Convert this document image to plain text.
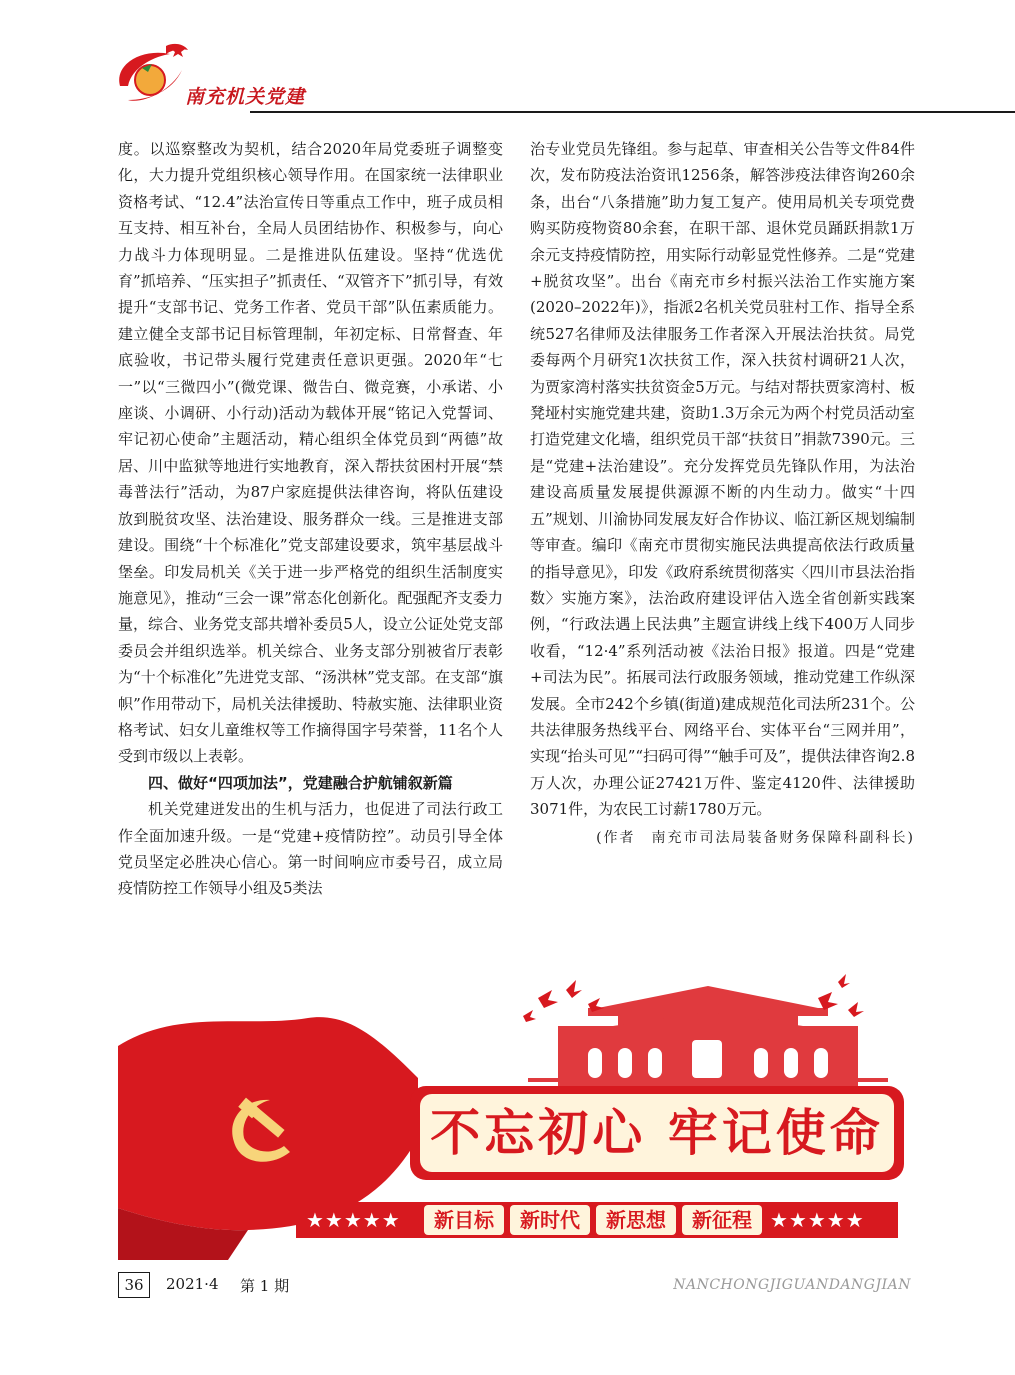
南充机关党建

度。以巡察整改为契机，结合2020年局党委班子调整变化，大力提升党组织核心领导作用。在国家统一法律职业资格考试、“12.4”法治宣传日等重点工作中，班子成员相互支持、相互补台，全局人员团结协作、积极参与，向心力战斗力体现明显。二是推进队伍建设。坚持“优选优育”抓培养、“压实担子”抓责任、“双管齐下”抓引导，有效提升“支部书记、党务工作者、党员干部”队伍素质能力。建立健全支部书记目标管理制，年初定标、日常督查、年底验收，书记带头履行党建责任意识更强。2020年“七一”以“三微四小”(微党课、微告白、微竞赛，小承诺、小座谈、小调研、小行动)活动为载体开展“铭记入党誓词、牢记初心使命”主题活动，精心组织全体党员到“两德”故居、川中监狱等地进行实地教育，深入帮扶贫困村开展“禁毒普法行”活动，为87户家庭提供法律咨询，将队伍建设放到脱贫攻坚、法治建设、服务群众一线。三是推进支部建设。围绕“十个标准化”党支部建设要求，筑牢基层战斗堡垒。印发局机关《关于进一步严格党的组织生活制度实施意见》，推动“三会一课”常态化创新化。配强配齐支委力量，综合、业务党支部共增补委员5人，设立公证处党支部委员会并组织选举。机关综合、业务支部分别被省厅表彰为“十个标准化”先进党支部、“汤洪林”党支部。在支部“旗帜”作用带动下，局机关法律援助、特赦实施、法律职业资格考试、妇女儿童维权等工作摘得国字号荣誉，11名个人受到市级以上表彰。

四、做好“四项加法”，党建融合护航铺叙新篇

机关党建迸发出的生机与活力，也促进了司法行政工作全面加速升级。一是“党建+疫情防控”。动员引导全体党员坚定必胜决心信心。第一时间响应市委号召，成立局疫情防控工作领导小组及5类法

治专业党员先锋组。参与起草、审查相关公告等文件84件次，发布防疫法治资讯1256条，解答涉疫法律咨询260余条，出台“八条措施”助力复工复产。使用局机关专项党费购买防疫物资80余套，在职干部、退休党员踊跃捐款1万余元支持疫情防控，用实际行动彰显党性修养。二是“党建+脱贫攻坚”。出台《南充市乡村振兴法治工作实施方案(2020–2022年)》，指派2名机关党员驻村工作、指导全系统527名律师及法律服务工作者深入开展法治扶贫。局党委每两个月研究1次扶贫工作，深入扶贫村调研21人次，为贾家湾村落实扶贫资金5万元。与结对帮扶贾家湾村、板凳垭村实施党建共建，资助1.3万余元为两个村党员活动室打造党建文化墙，组织党员干部“扶贫日”捐款7390元。三是“党建+法治建设”。充分发挥党员先锋队作用，为法治建设高质量发展提供源源不断的内生动力。做实“十四五”规划、川渝协同发展友好合作协议、临江新区规划编制等审查。编印《南充市贯彻实施民法典提高依法行政质量的指导意见》，印发《政府系统贯彻落实〈四川市县法治指数〉实施方案》，法治政府建设评估入选全省创新实践案例，“行政法遇上民法典”主题宣讲线上线下400万人同步收看，“12·4”系列活动被《法治日报》报道。四是“党建+司法为民”。拓展司法行政服务领域，推动党建工作纵深发展。全市242个乡镇(街道)建成规范化司法所231个。公共法律服务热线平台、网络平台、实体平台“三网并用”，实现“抬头可见”“扫码可得”“触手可及”，提供法律咨询2.8万人次，办理公证27421万件、鉴定4120件、法律援助3071件，为农民工讨薪1780万元。

(作者　南充市司法局装备财务保障科副科长)

不忘初心 牢记使命
★★★★★	新目标	新时代	新思想	新征程 ★★★★★
36	2021·4 第 1 期	NANCHONGJIGUANDANGJIAN
